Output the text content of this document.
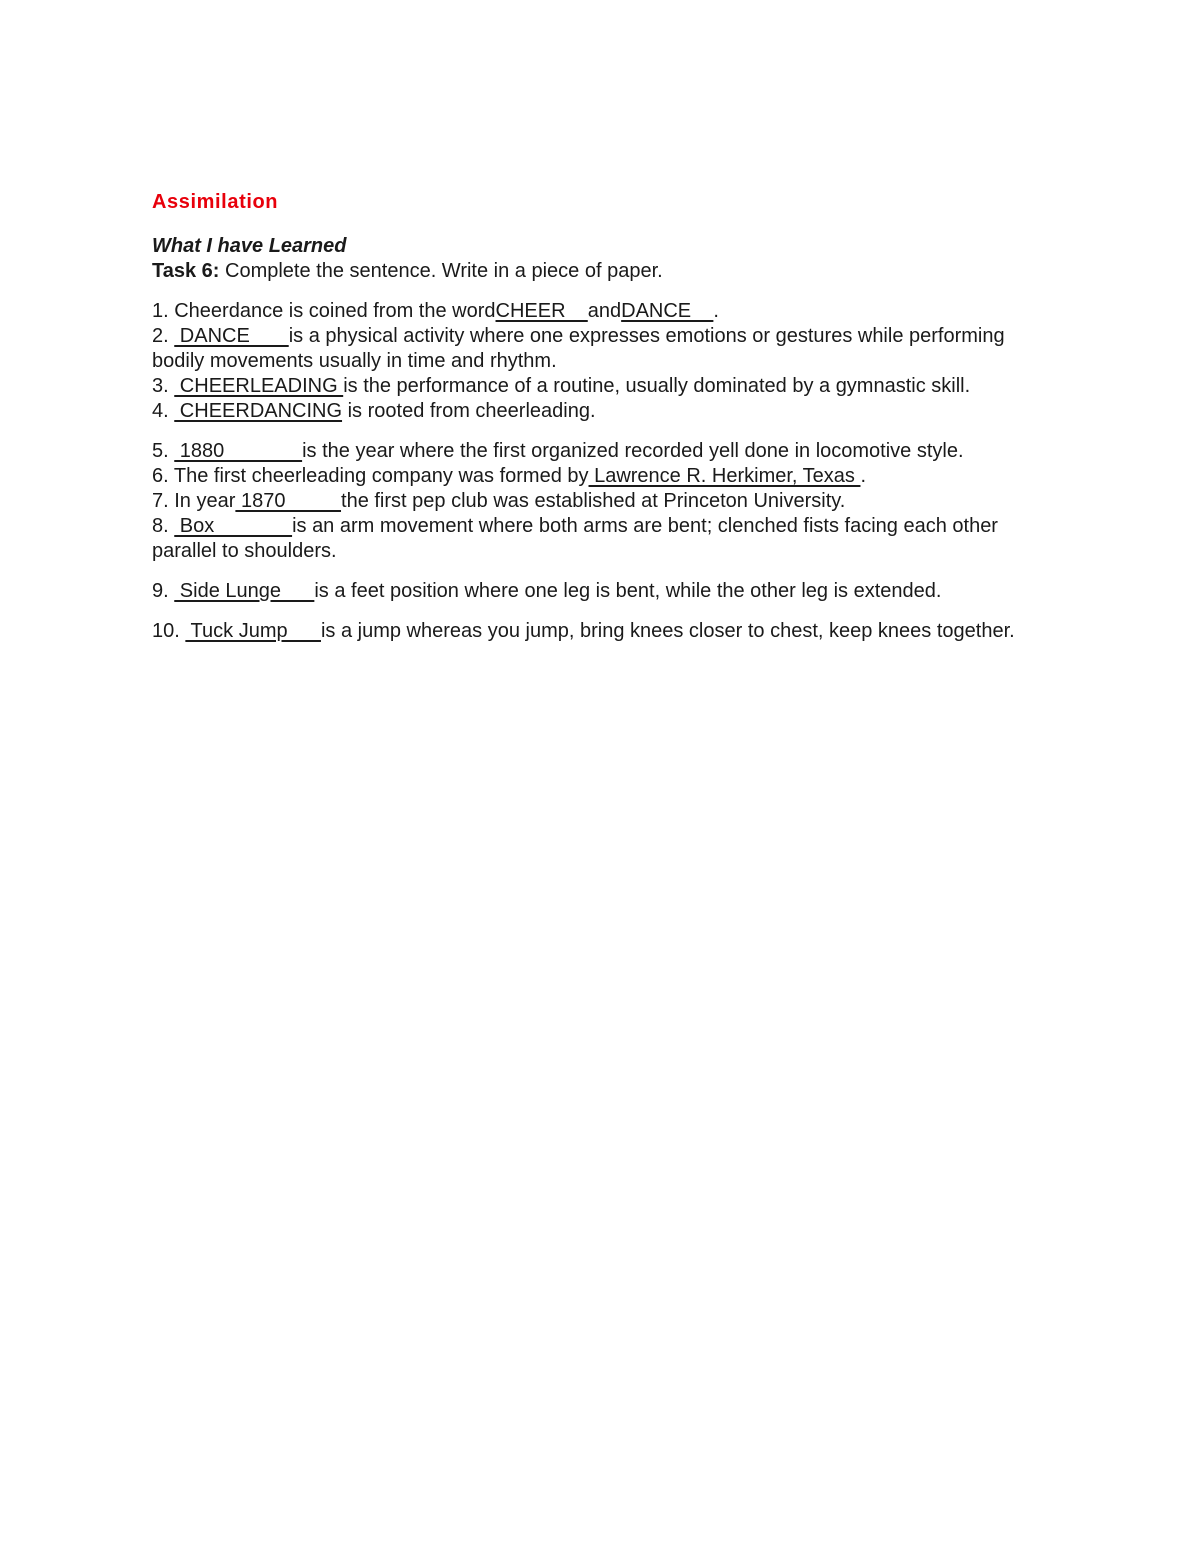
Assimilation

What I have Learned

Task 6: Complete the sentence. Write in a piece of paper.

1. Cheerdance is coined from the wordCHEER    andDANCE    .

2.  DANCE       is a physical activity where one expresses emotions or gestures while performing bodily movements usually in time and rhythm.

3.  CHEERLEADING is the performance of a routine, usually dominated by a gymnastic skill.

4.  CHEERDANCING is rooted from cheerleading.

5.  1880              is the year where the first organized recorded yell done in locomotive style.

6. The first cheerleading company was formed by Lawrence R. Herkimer, Texas .

7. In year 1870          the first pep club was established at Princeton University.

8.  Box              is an arm movement where both arms are bent; clenched fists facing each other parallel to shoulders.

9.  Side Lunge      is a feet position where one leg is bent, while the other leg is extended.

10.  Tuck Jump      is a jump whereas you jump, bring knees closer to chest, keep knees together.
